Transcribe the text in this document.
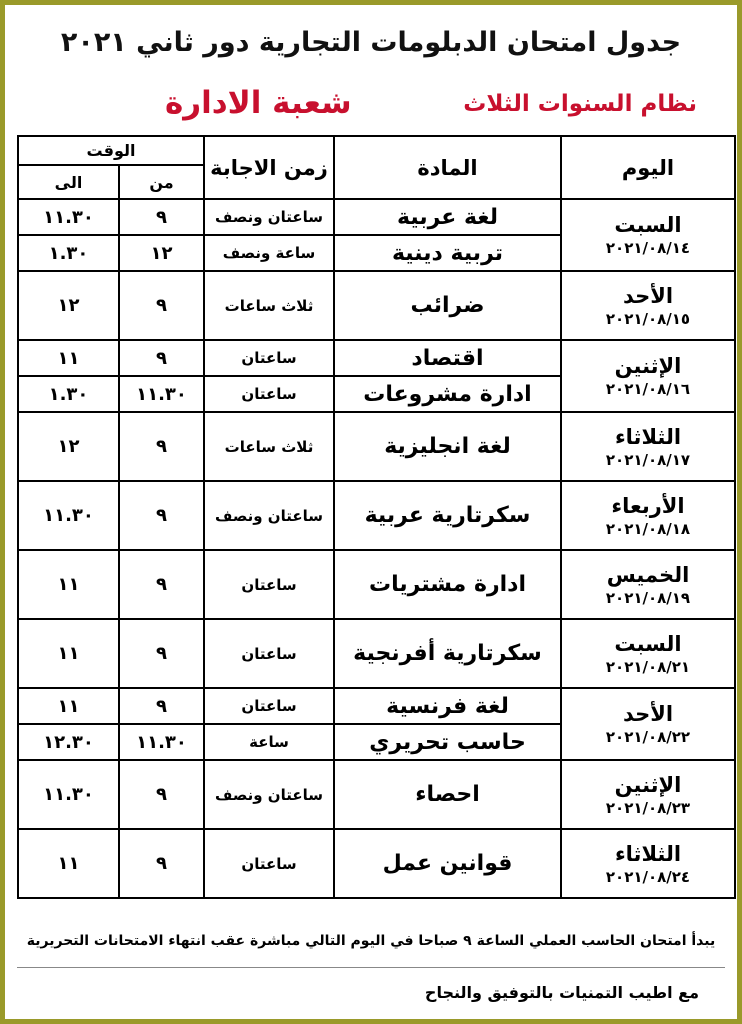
جدول امتحان الدبلومات التجارية دور ثاني ٢٠٢١
نظام السنوات الثلاث
شعبة الادارة
اليوم	المادة	زمن الاجابة	الوقت	
			من	الى

السبت
٢٠٢١/٠٨/١٤	لغة عربية	ساعتان ونصف	٩	١١.٣٠
	تربية دينية	ساعة ونصف	١٢	١.٣٠

الأحد
٢٠٢١/٠٨/١٥	ضرائب	ثلاث ساعات	٩	١٢

الإثنين
٢٠٢١/٠٨/١٦	اقتصاد	ساعتان	٩	١١
	ادارة مشروعات	ساعتان	١١.٣٠	١.٣٠

الثلاثاء
٢٠٢١/٠٨/١٧	لغة انجليزية	ثلاث ساعات	٩	١٢

الأربعاء
٢٠٢١/٠٨/١٨	سكرتارية عربية	ساعتان ونصف	٩	١١.٣٠

الخميس
٢٠٢١/٠٨/١٩	ادارة مشتريات	ساعتان	٩	١١

السبت
٢٠٢١/٠٨/٢١	سكرتارية أفرنجية	ساعتان	٩	١١

الأحد
٢٠٢١/٠٨/٢٢	لغة فرنسية	ساعتان	٩	١١
	حاسب تحريري	ساعة	١١.٣٠	١٢.٣٠

الإثنين
٢٠٢١/٠٨/٢٣	احصاء	ساعتان ونصف	٩	١١.٣٠

الثلاثاء
٢٠٢١/٠٨/٢٤	قوانين عمل	ساعتان	٩	١١
يبدأ امتحان الحاسب العملي الساعة ٩ صباحا في اليوم التالي مباشرة عقب انتهاء الامتحانات التحريرية
مع اطيب التمنيات بالتوفيق والنجاح
